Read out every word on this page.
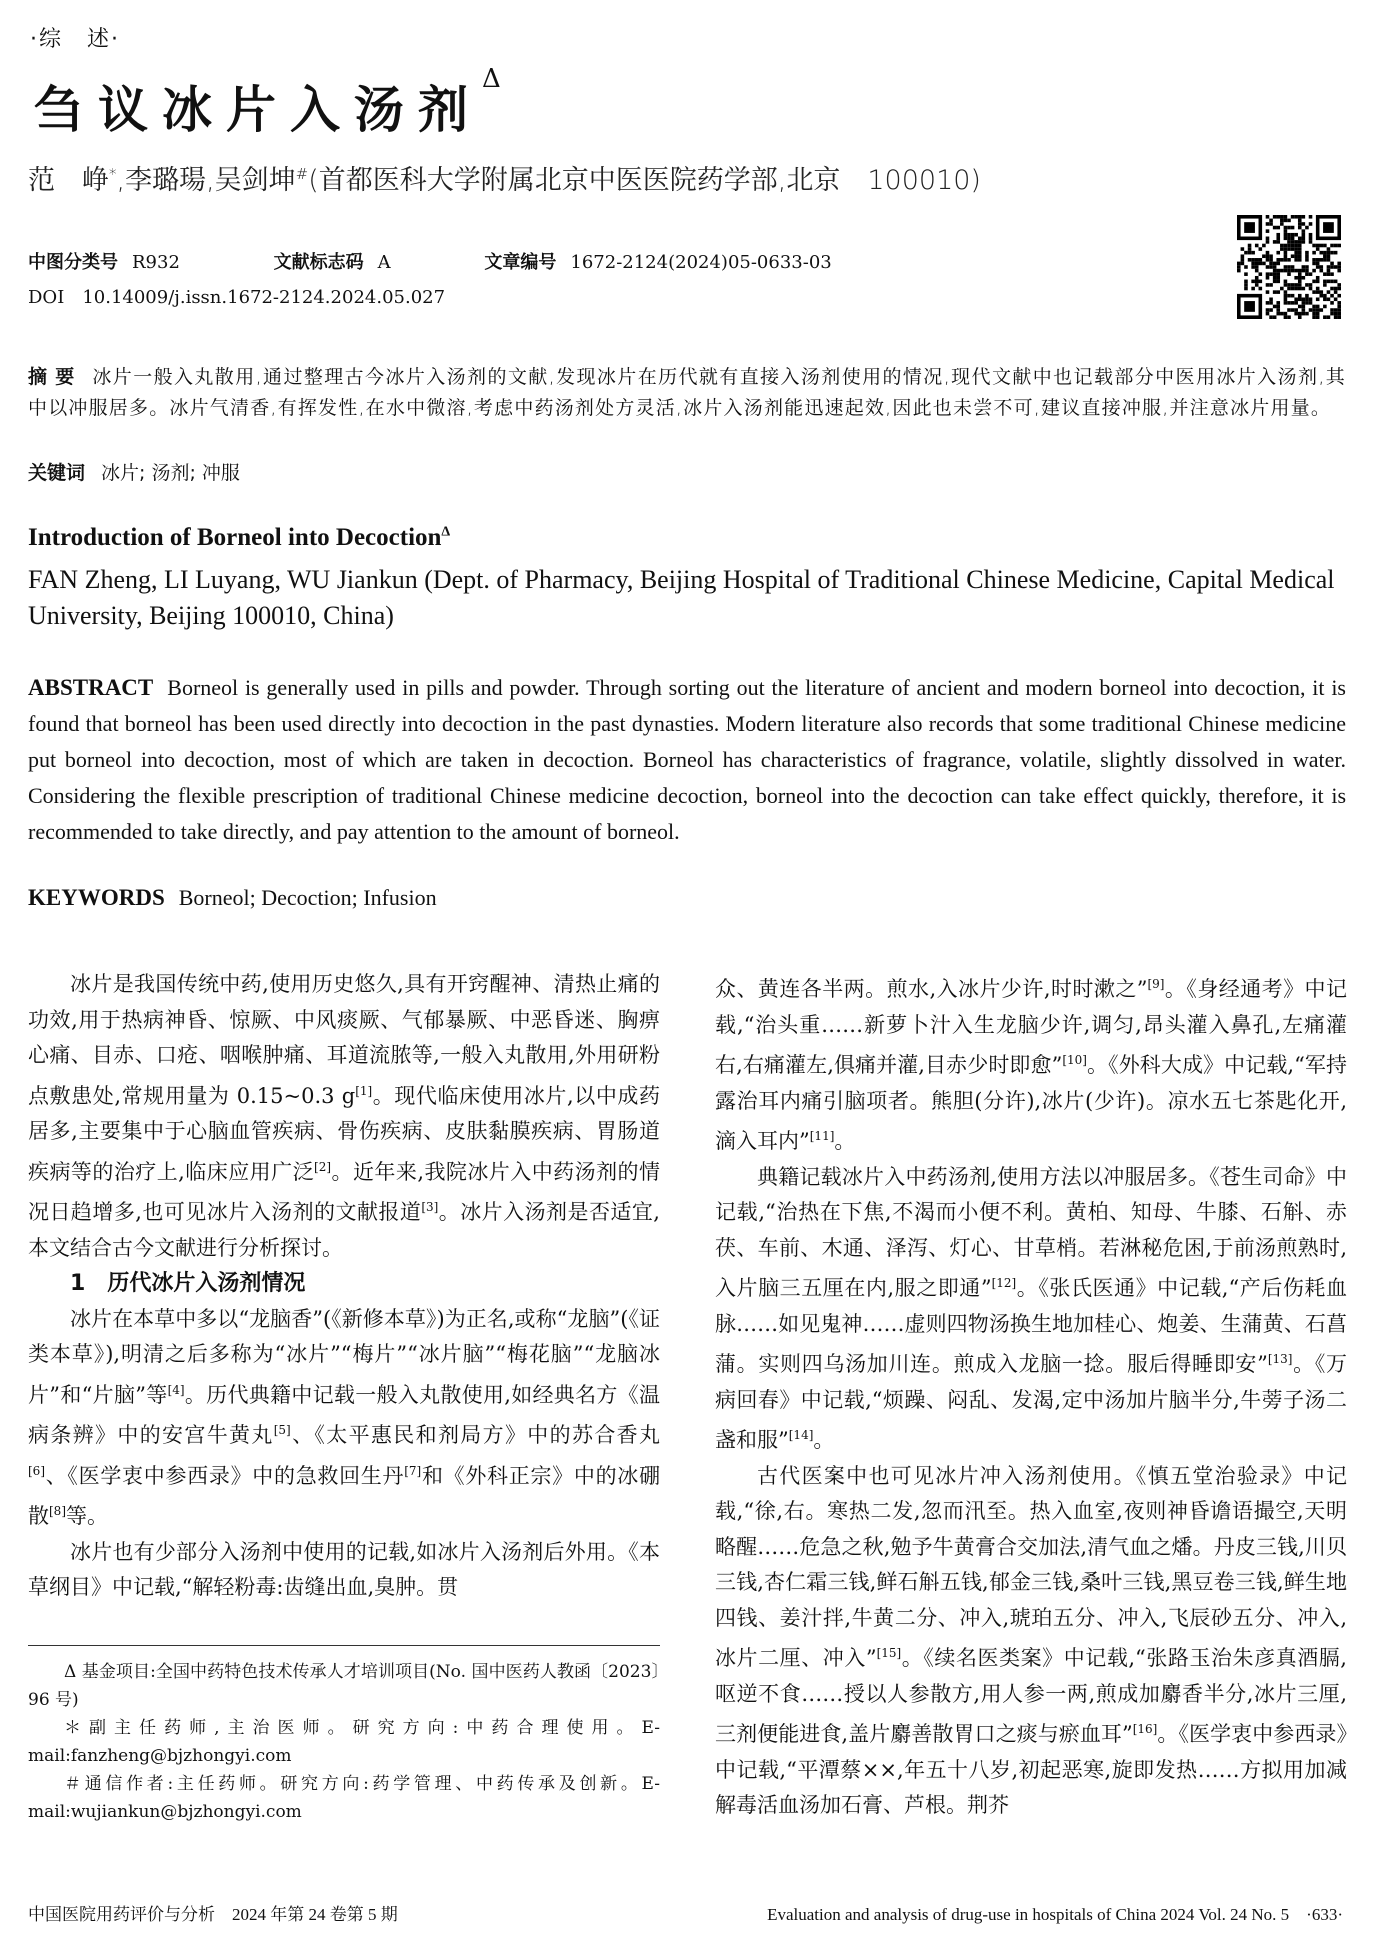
·综　述·
刍议冰片入汤剂$^\Delta$
范　峥*,李璐瑒,吴剑坤#(首都医科大学附属北京中医医院药学部,北京　100010)
中图分类号 R932	文献标志码 A	文章编号 1672-2124(2024)05-0633-03
DOI 10.14009/j.issn.1672-2124.2024.05.027
摘要 冰片一般入丸散用,通过整理古今冰片入汤剂的文献,发现冰片在历代就有直接入汤剂使用的情况,现代文献中也记载部分中医用冰片入汤剂,其中以冲服居多。冰片气清香,有挥发性,在水中微溶,考虑中药汤剂处方灵活,冰片入汤剂能迅速起效,因此也未尝不可,建议直接冲服,并注意冰片用量。
关键词 冰片; 汤剂; 冲服
Introduction of Borneol into Decoction$^\Delta$
FAN Zheng, LI Luyang, WU Jiankun (Dept. of Pharmacy, Beijing Hospital of Traditional Chinese Medicine, Capital Medical University, Beijing 100010, China)
ABSTRACT Borneol is generally used in pills and powder. Through sorting out the literature of ancient and modern borneol into decoction, it is found that borneol has been used directly into decoction in the past dynasties. Modern literature also records that some traditional Chinese medicine put borneol into decoction, most of which are taken in decoction. Borneol has characteristics of fragrance, volatile, slightly dissolved in water. Considering the flexible prescription of traditional Chinese medicine decoction, borneol into the decoction can take effect quickly, therefore, it is recommended to take directly, and pay attention to the amount of borneol.
KEYWORDS Borneol; Decoction; Infusion

冰片是我国传统中药,使用历史悠久,具有开窍醒神、清热止痛的功效,用于热病神昏、惊厥、中风痰厥、气郁暴厥、中恶昏迷、胸痹心痛、目赤、口疮、咽喉肿痛、耳道流脓等,一般入丸散用,外用研粉点敷患处,常规用量为 0.15~0.3 g[1]。现代临床使用冰片,以中成药居多,主要集中于心脑血管疾病、骨伤疾病、皮肤黏膜疾病、胃肠道疾病等的治疗上,临床应用广泛[2]。近年来,我院冰片入中药汤剂的情况日趋增多,也可见冰片入汤剂的文献报道[3]。冰片入汤剂是否适宜,本文结合古今文献进行分析探讨。

1 历代冰片入汤剂情况

冰片在本草中多以“龙脑香”(《新修本草》)为正名,或称“龙脑”(《证类本草》),明清之后多称为“冰片”“梅片”“冰片脑”“梅花脑”“龙脑冰片”和“片脑”等[4]。历代典籍中记载一般入丸散使用,如经典名方《温病条辨》中的安宫牛黄丸[5]、《太平惠民和剂局方》中的苏合香丸[6]、《医学衷中参西录》中的急救回生丹[7]和《外科正宗》中的冰硼散[8]等。

冰片也有少部分入汤剂中使用的记载,如冰片入汤剂后外用。《本草纲目》中记载,“解轻粉毒:齿缝出血,臭肿。贯

Δ 基金项目:全国中药特色技术传承人才培训项目(No. 国中医药人教函〔2023〕96 号)

＊副主任药师,主治医师。研究方向:中药合理使用。E-mail:fanzheng@bjzhongyi.com

＃通信作者:主任药师。研究方向:药学管理、中药传承及创新。E-mail:wujiankun@bjzhongyi.com

众、黄连各半两。煎水,入冰片少许,时时漱之”[9]。《身经通考》中记载,“治头重……新萝卜汁入生龙脑少许,调匀,昂头灌入鼻孔,左痛灌右,右痛灌左,俱痛并灌,目赤少时即愈”[10]。《外科大成》中记载,“军持露治耳内痛引脑项者。熊胆(分许),冰片(少许)。凉水五七茶匙化开,滴入耳内”[11]。

典籍记载冰片入中药汤剂,使用方法以冲服居多。《苍生司命》中记载,“治热在下焦,不渴而小便不利。黄柏、知母、牛膝、石斛、赤茯、车前、木通、泽泻、灯心、甘草梢。若淋秘危困,于前汤煎熟时,入片脑三五厘在内,服之即通”[12]。《张氏医通》中记载,“产后伤耗血脉……如见鬼神……虚则四物汤换生地加桂心、炮姜、生蒲黄、石菖蒲。实则四乌汤加川连。煎成入龙脑一捻。服后得睡即安”[13]。《万病回春》中记载,“烦躁、闷乱、发渴,定中汤加片脑半分,牛蒡子汤二盏和服”[14]。

古代医案中也可见冰片冲入汤剂使用。《慎五堂治验录》中记载,“徐,右。寒热二发,忽而汛至。热入血室,夜则神昏谵语撮空,天明略醒……危急之秋,勉予牛黄膏合交加法,清气血之燔。丹皮三钱,川贝三钱,杏仁霜三钱,鲜石斛五钱,郁金三钱,桑叶三钱,黑豆卷三钱,鲜生地四钱、姜汁拌,牛黄二分、冲入,琥珀五分、冲入,飞辰砂五分、冲入,冰片二厘、冲入”[15]。《续名医类案》中记载,“张路玉治朱彦真酒膈,呕逆不食……授以人参散方,用人参一两,煎成加麝香半分,冰片三厘,三剂便能进食,盖片麝善散胃口之痰与瘀血耳”[16]。《医学衷中参西录》中记载,“平潭蔡××,年五十八岁,初起恶寒,旋即发热……方拟用加减解毒活血汤加石膏、芦根。荆芥

中国医院用药评价与分析　2024 年第 24 卷第 5 期	Evaluation and analysis of drug-use in hospitals of China 2024 Vol. 24 No. 5　 ·633·
